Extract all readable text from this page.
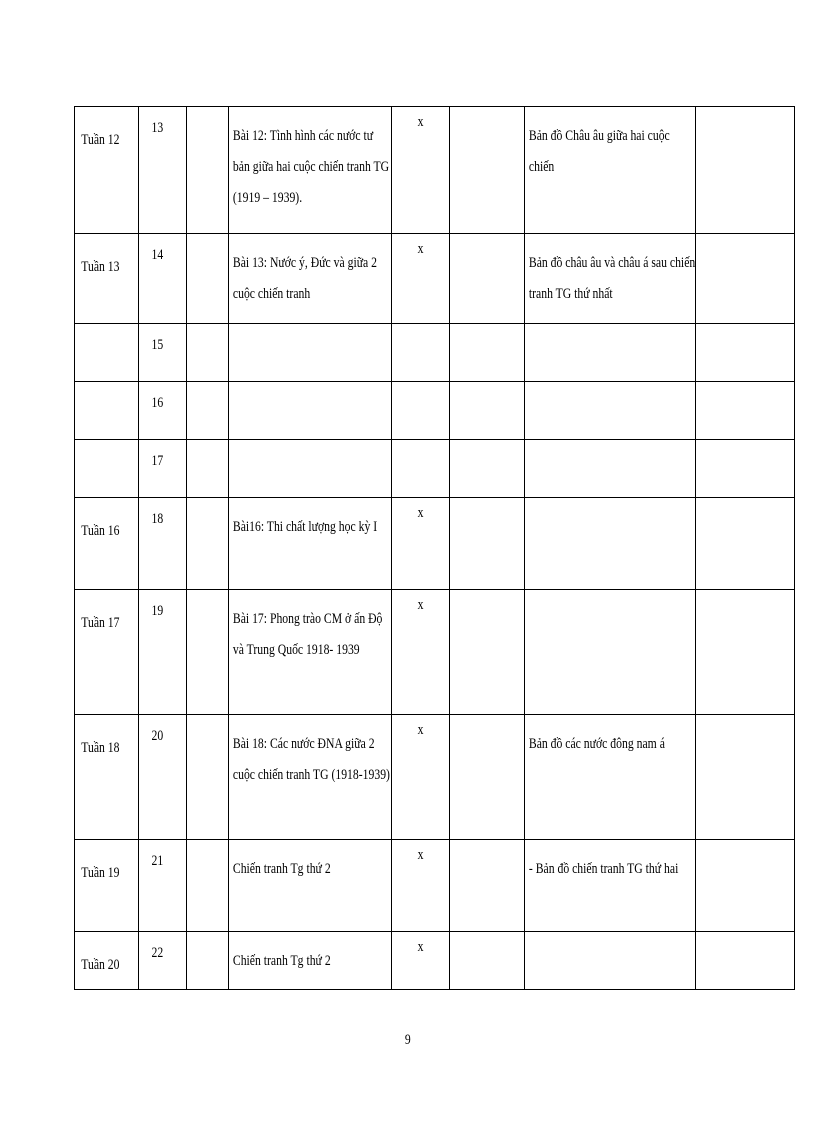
Tuần 12	13		Bài 12: Tình hình các nước tư bản giữa hai cuộc chiến tranh TG (1919 – 1939).	x		Bản đồ Châu âu giữa hai cuộc chiến	

Tuần 13	14		Bài 13: Nước ý, Đức và giữa 2 cuộc chiến tranh	x		Bản đồ châu âu và châu á sau chiến tranh TG thứ nhất	

	15						

	16						

	17						

Tuần 16	18		Bài16: Thi chất lượng học kỳ I	x			

Tuần 17	19		Bài 17: Phong trào CM ở ấn Độ và Trung Quốc 1918- 1939	x			

Tuần 18	20		Bài 18: Các nước ĐNA giữa 2 cuộc chiến tranh TG (1918-1939)	x		Bản đồ các nước đông nam á	

Tuần 19	21		Chiến tranh Tg thứ 2	x		- Bản đồ chiến tranh TG thứ hai	

Tuần 20	22		Chiến tranh Tg thứ 2	x			

9
